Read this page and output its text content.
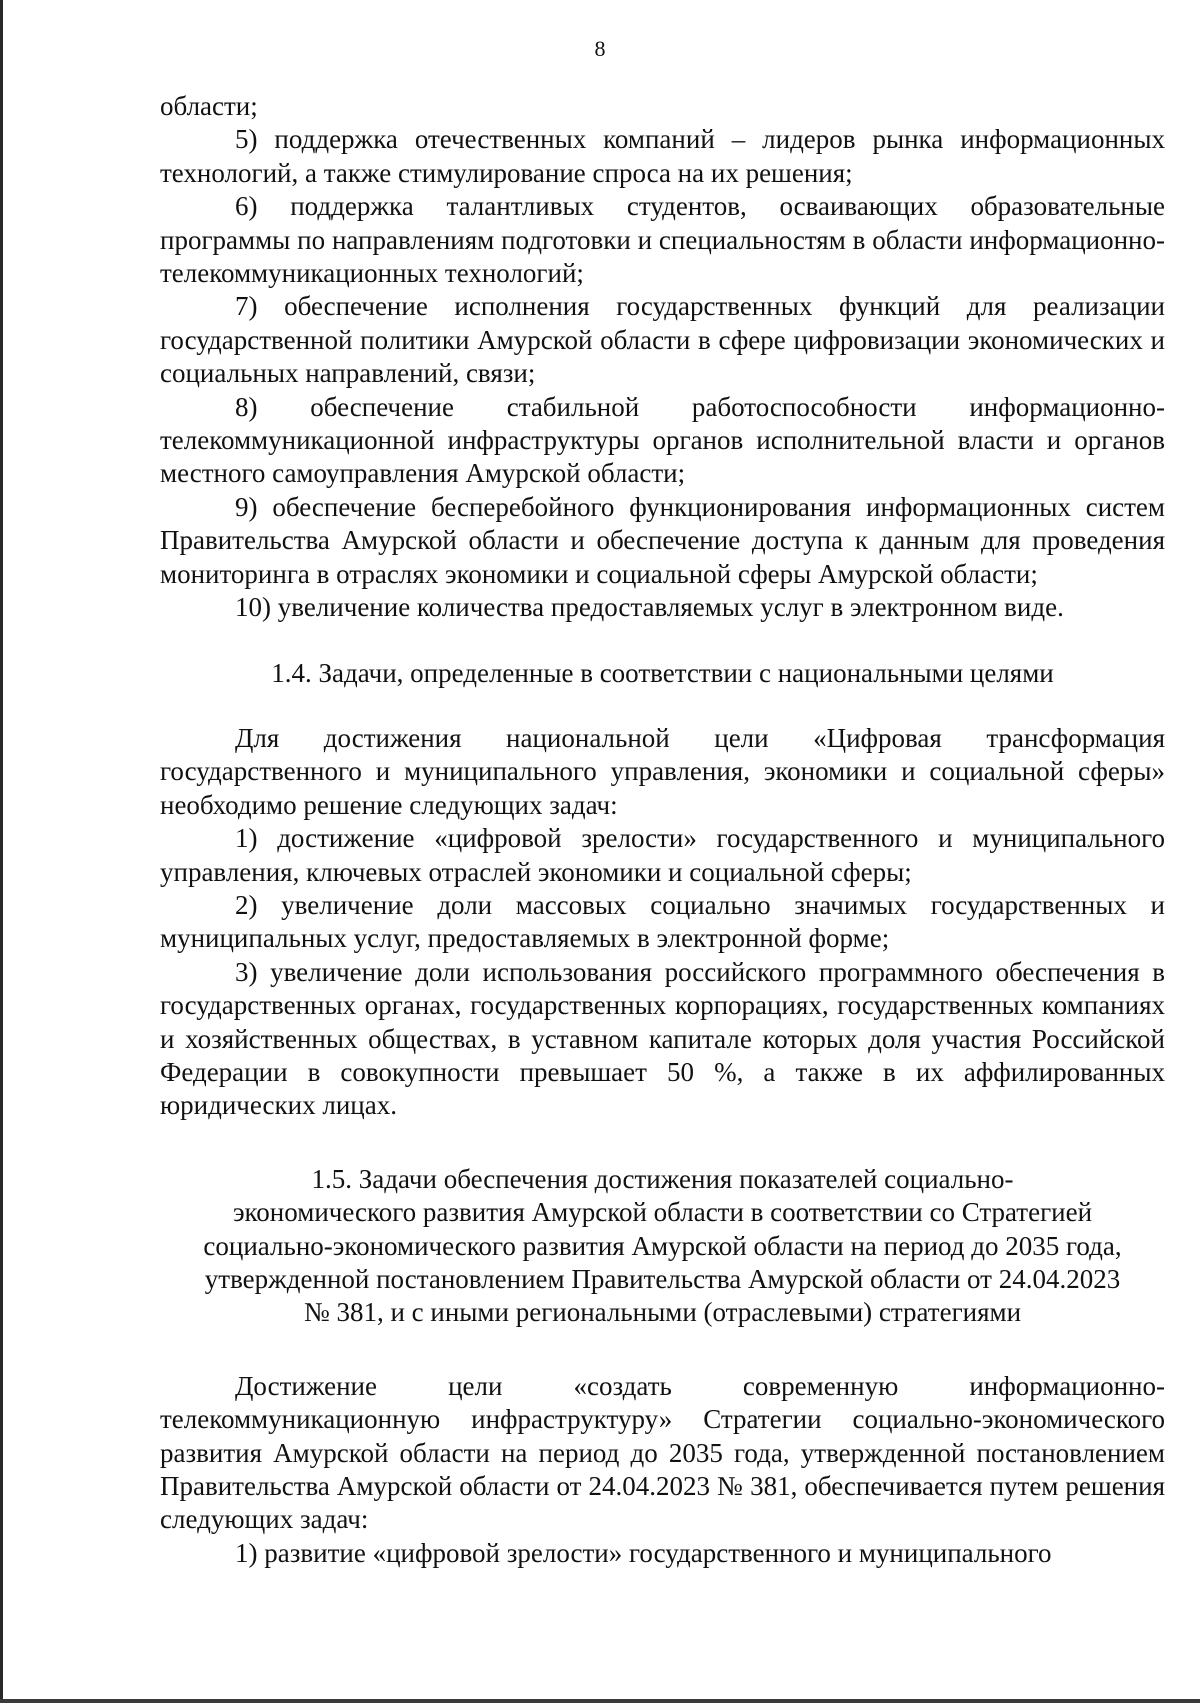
8

области;

5) поддержка отечественных компаний – лидеров рынка информационных технологий, а также стимулирование спроса на их решения;

6) поддержка талантливых студентов, осваивающих образовательные программы по направлениям подготовки и специальностям в области информационно-телекоммуникационных технологий;

7) обеспечение исполнения государственных функций для реализации государственной политики Амурской области в сфере цифровизации экономических и социальных направлений, связи;

8) обеспечение стабильной работоспособности информационно-телекоммуникационной инфраструктуры органов исполнительной власти и органов местного самоуправления Амурской области;

9) обеспечение бесперебойного функционирования информационных систем Правительства Амурской области и обеспечение доступа к данным для проведения мониторинга в отраслях экономики и социальной сферы Амурской области;

10) увеличение количества предоставляемых услуг в электронном виде.

1.4. Задачи, определенные в соответствии с национальными целями

Для достижения национальной цели «Цифровая трансформация государственного и муниципального управления, экономики и социальной сферы» необходимо решение следующих задач:

1) достижение «цифровой зрелости» государственного и муниципального управления, ключевых отраслей экономики и социальной сферы;

2) увеличение доли массовых социально значимых государственных и муниципальных услуг, предоставляемых в электронной форме;

3) увеличение доли использования российского программного обеспечения в государственных органах, государственных корпорациях, государственных компаниях и хозяйственных обществах, в уставном капитале которых доля участия Российской Федерации в совокупности превышает 50 %, а также в их аффилированных юридических лицах.

1.5. Задачи обеспечения достижения показателей социально-

экономического развития Амурской области в соответствии со Стратегией

социально-экономического развития Амурской области на период до 2035 года,

утвержденной постановлением Правительства Амурской области от 24.04.2023

№ 381, и с иными региональными (отраслевыми) стратегиями

Достижение цели «создать современную информационно-телекоммуникационную инфраструктуру» Стратегии социально-экономического развития Амурской области на период до 2035 года, утвержденной постановлением Правительства Амурской области от 24.04.2023 № 381, обеспечивается путем решения следующих задач:

1) развитие «цифровой зрелости» государственного и муниципального
